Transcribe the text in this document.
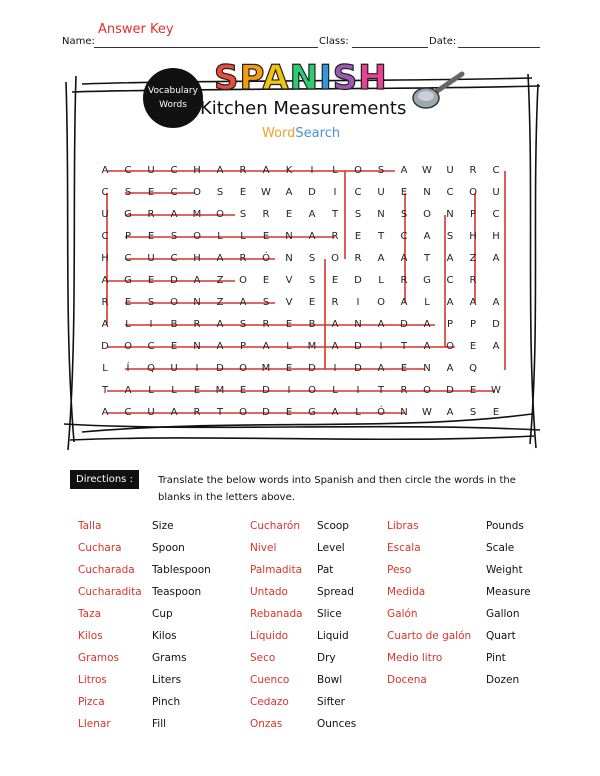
Answer Key
Name:	Class:	Date:
Vocabulary
Words
SPANISH
Kitchen Measurements
WordSearch
A	C	U	C	H	A	R	A	K	I	L	O	S	A	W	U	R	C
C	S	E	C	O	S	E	W	A	D	I	C	U	E	N	C	O	U
U	G	R	A	M	O	S	R	E	A	T	S	N	S	O	N	P	C
C	P	E	S	O	L	L	E	N	A	R	E	T	C	A	S	H	H
H	C	U	C	H	A	R	Ó	N	S	O	R	A	A	T	A	Z	A
A	G	E	D	A	Z	O	E	V	S	E	D	L	R	G	C	R
R	E	S	O	N	Z	A	S	V	E	R	I	O	A	L	A	A	A
A	L	I	B	R	A	S	R	E	B	A	N	A	D	A	P	P	D
D	O	C	E	N	A	P	A	L	M	A	D	I	T	A	O	E	A
L	Í	Q	U	I	D	O	M	E	D	I	D	A	E	N	A	Q
T	A	L	L	E	M	E	D	I	O	L	I	T	R	O	D	E	W
A	C	U	A	R	T	O	D	E	G	A	L	Ó	N	W	A	S	E
Directions :	Translate the below words into Spanish and then circle the words in the blanks in the letters above.
Talla	Size
Cuchara	Spoon
Cucharada Tablespoon
Cucharadita Teaspoon
Taza	Cup
Kilos	Kilos
Gramos	Grams
Litros	Liters
Pizca	Pinch
Llenar	Fill
Cucharón Scoop
Nivel	Level
Palmadita Pat
Untado	Spread
Rebanada Slice
Líquido	Liquid
Seco	Dry
Cuenco	Bowl
Cedazo	Sifter
Onzas	Ounces
Libras	Pounds
Escala	Scale
Peso	Weight
Medida	Measure
Galón	Gallon
Cuarto de galón Quart
Medio litro	Pint
Docena	Dozen
